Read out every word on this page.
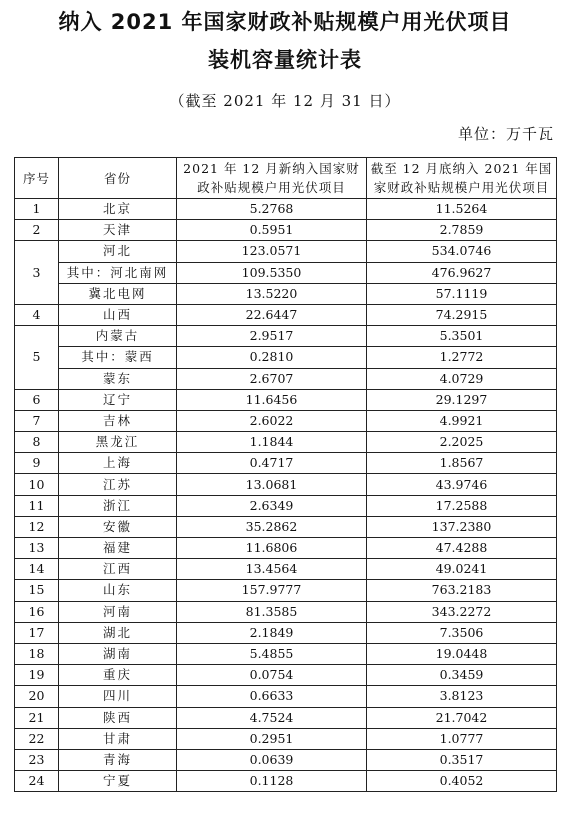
纳入 2021 年国家财政补贴规模户用光伏项目
装机容量统计表
（截至 2021 年 12 月 31 日）
单位：万千瓦
序号	省份	2021 年 12 月新纳入国家财政补贴规模户用光伏项目	截至 12 月底纳入 2021 年国家财政补贴规模户用光伏项目
1	北京	5.2768	11.5264
2	天津	0.5951	2.7859
3	河北	123.0571	534.0746
	其中：河北南网	109.5350	476.9627
	冀北电网	13.5220	57.1119
4	山西	22.6447	74.2915
5	内蒙古	2.9517	5.3501
	其中：蒙西	0.2810	1.2772
	蒙东	2.6707	4.0729
6	辽宁	11.6456	29.1297
7	吉林	2.6022	4.9921
8	黑龙江	1.1844	2.2025
9	上海	0.4717	1.8567
10	江苏	13.0681	43.9746
11	浙江	2.6349	17.2588
12	安徽	35.2862	137.2380
13	福建	11.6806	47.4288
14	江西	13.4564	49.0241
15	山东	157.9777	763.2183
16	河南	81.3585	343.2272
17	湖北	2.1849	7.3506
18	湖南	5.4855	19.0448
19	重庆	0.0754	0.3459
20	四川	0.6633	3.8123
21	陕西	4.7524	21.7042
22	甘肃	0.2951	1.0777
23	青海	0.0639	0.3517
24	宁夏	0.1128	0.4052
